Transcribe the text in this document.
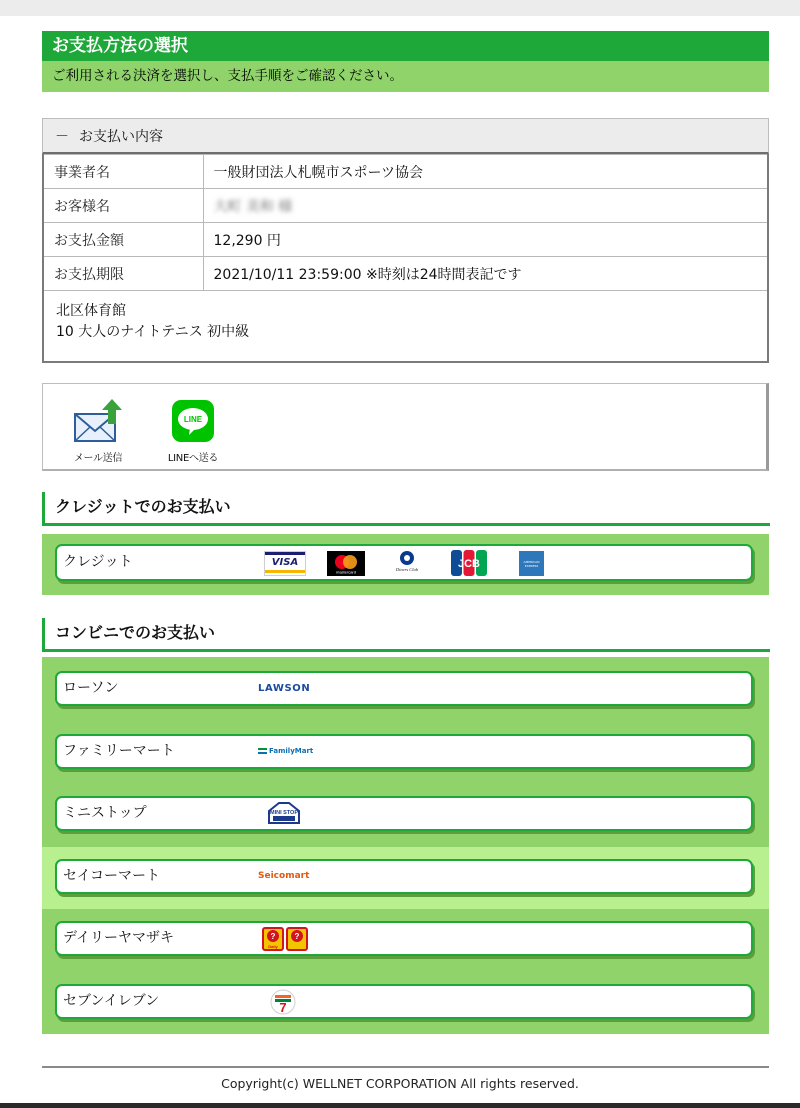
お支払方法の選択
ご利用される決済を選択し、支払手順をご確認ください。
－ お支払い内容
事業者名	一般財団法人札幌市スポーツ協会
お客様名	大町 美和 様
お支払金額	12,290 円
お支払期限	2021/10/11 23:59:00 ※時刻は24時間表記です

北区体育館
10 大人のナイトテニス 初中級	
メール送信
LINE
LINEへ送る
クレジットでのお支払い
クレジット	VISA
mastercard	Diners Club	JCB	AMERICAN EXPRESS
コンビニでのお支払い
ローソン	LAWSON
ファミリーマート	FamilyMart
ミニストップ	MINI STOP
セイコーマート	Seicomart
デイリーヤマザキ	?
Daily
?
セブンイレブン	7
Copyright(c) WELLNET CORPORATION All rights reserved.
